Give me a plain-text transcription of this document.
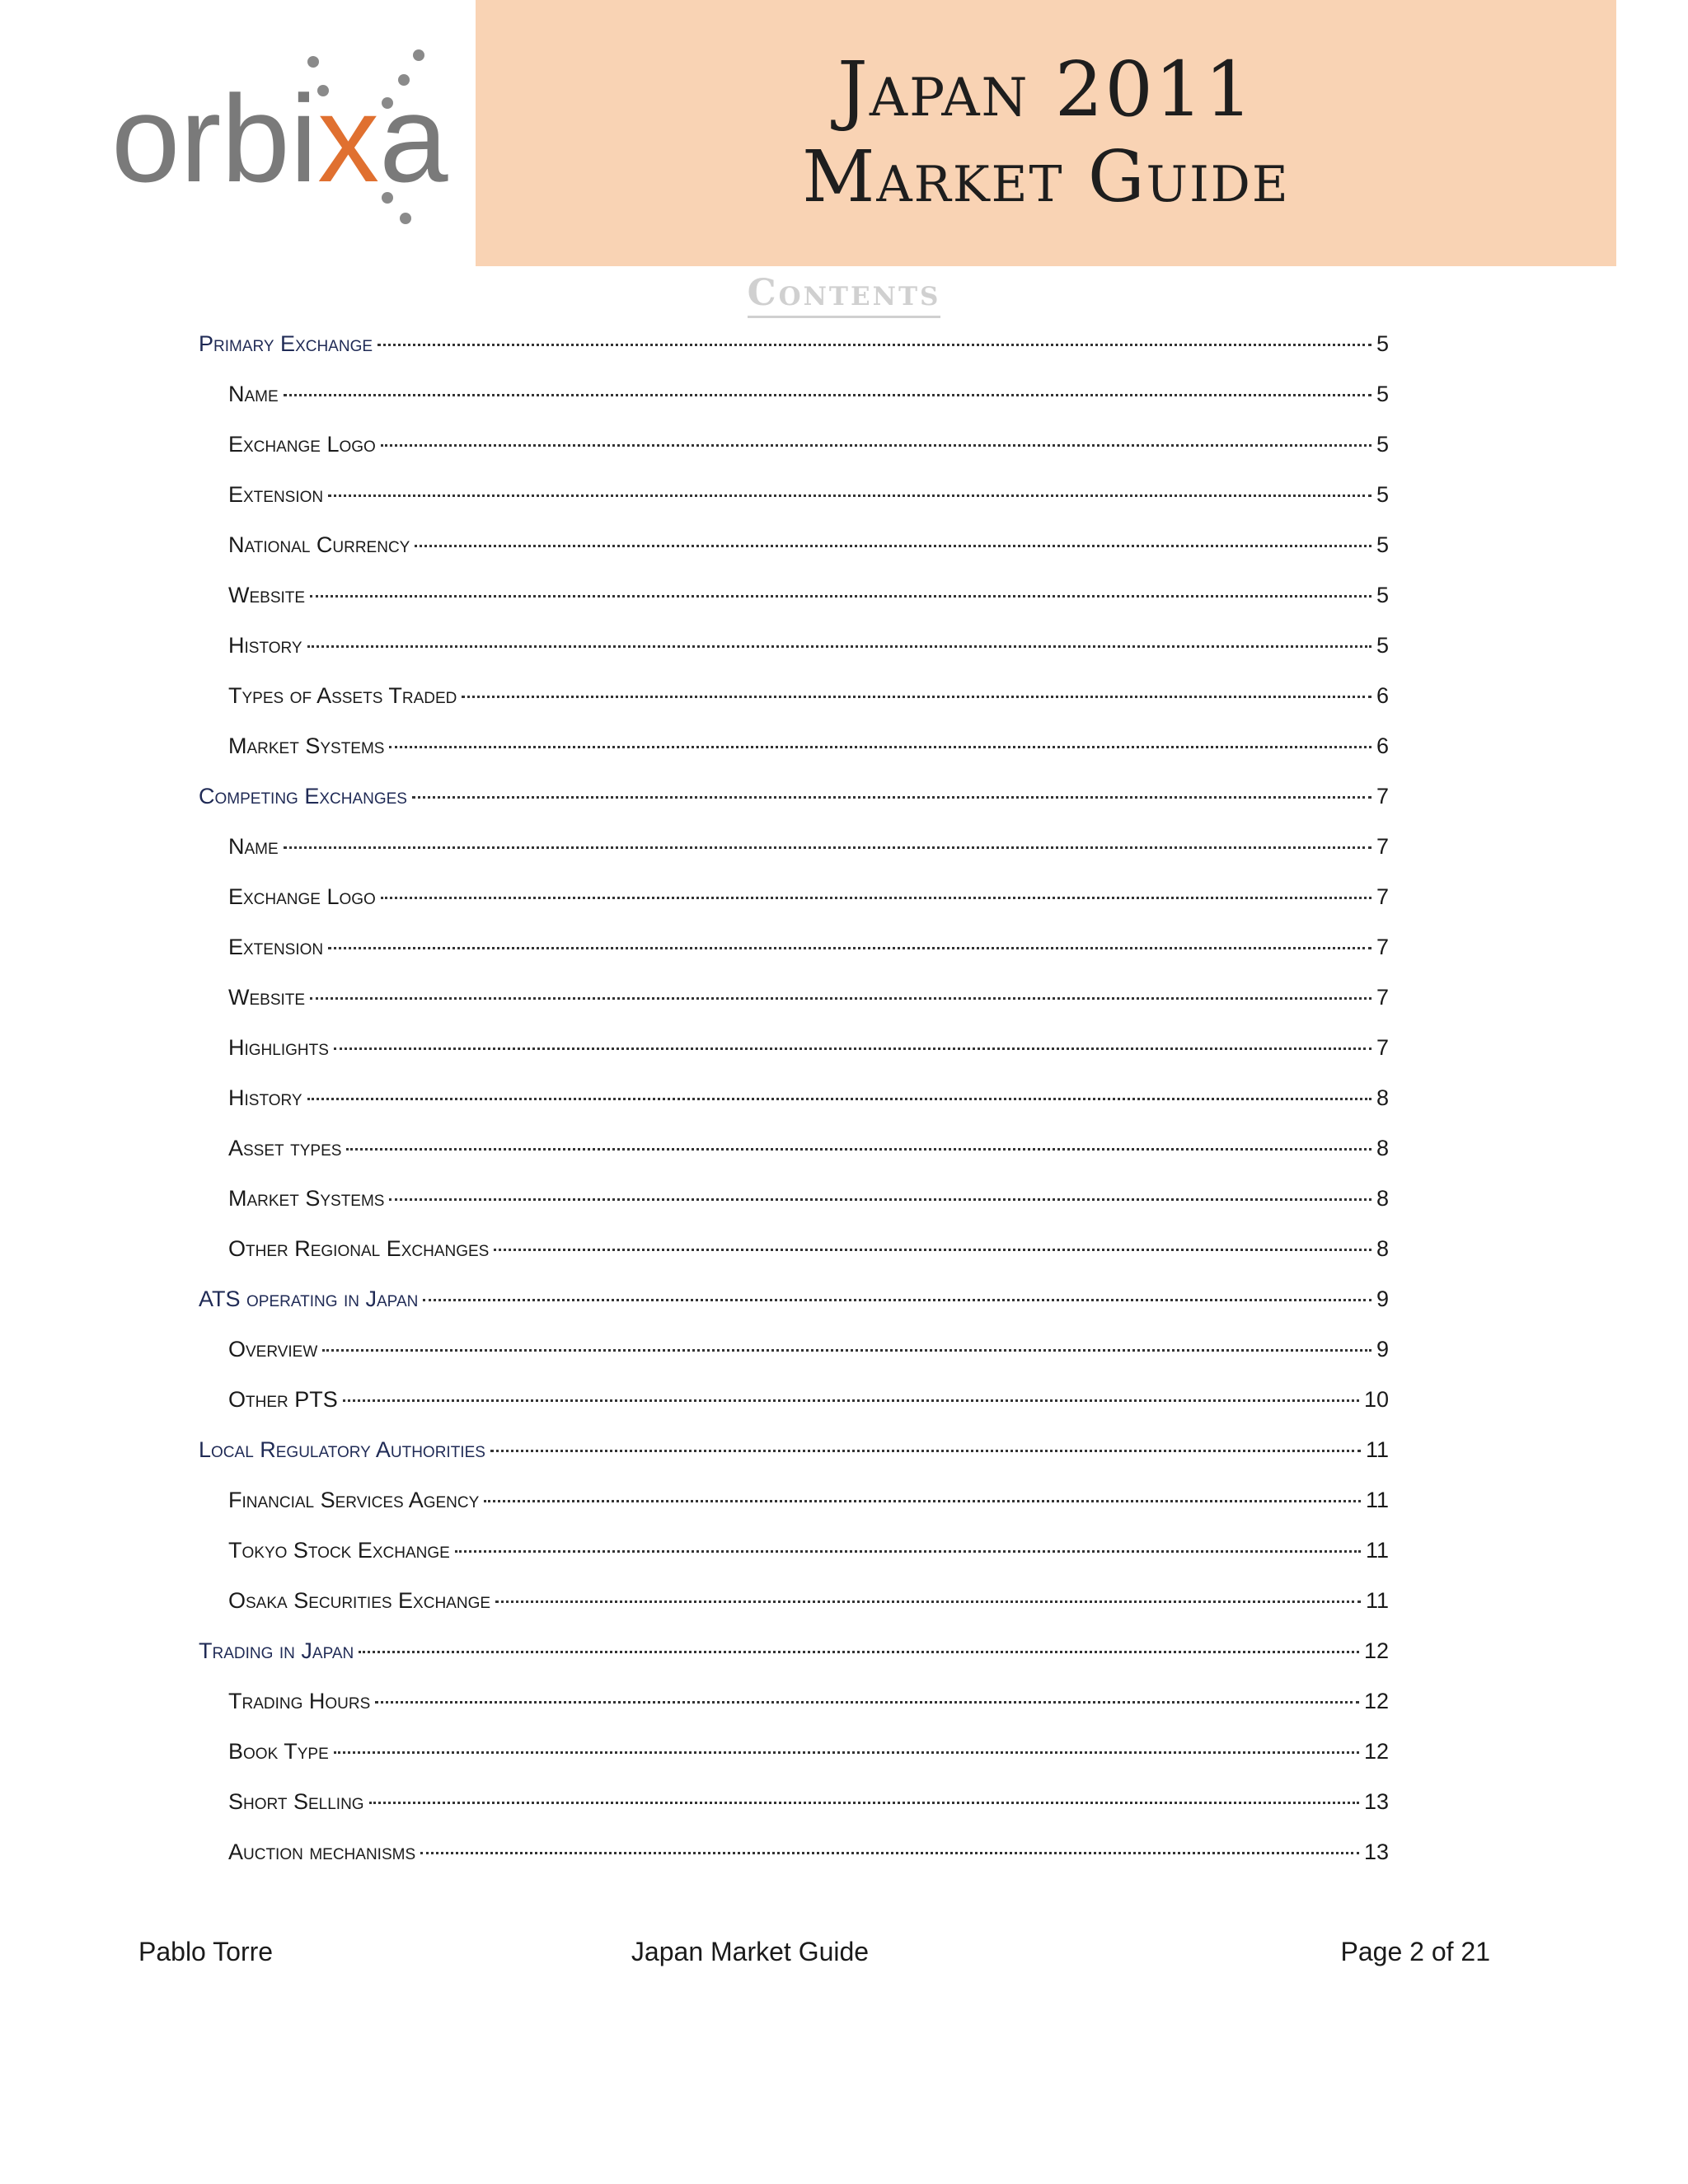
orbixa	Japan 2011
Market Guide
Contents
Primary Exchange	5
Name	5
Exchange Logo	5
Extension	5
National Currency	5
Website	5
History	5
Types of Assets Traded	6
Market Systems	6
Competing Exchanges	7
Name	7
Exchange Logo	7
Extension	7
Website	7
Highlights	7
History	8
Asset types	8
Market Systems	8
Other Regional Exchanges	8
ATS operating in Japan	9
Overview	9
Other PTS	10
Local Regulatory Authorities	11
Financial Services Agency	11
Tokyo Stock Exchange	11
Osaka Securities Exchange	11
Trading in Japan	12
Trading Hours	12
Book Type	12
Short Selling	13
Auction mechanisms	13
Pablo Torre	Japan Market Guide	Page 2 of 21
